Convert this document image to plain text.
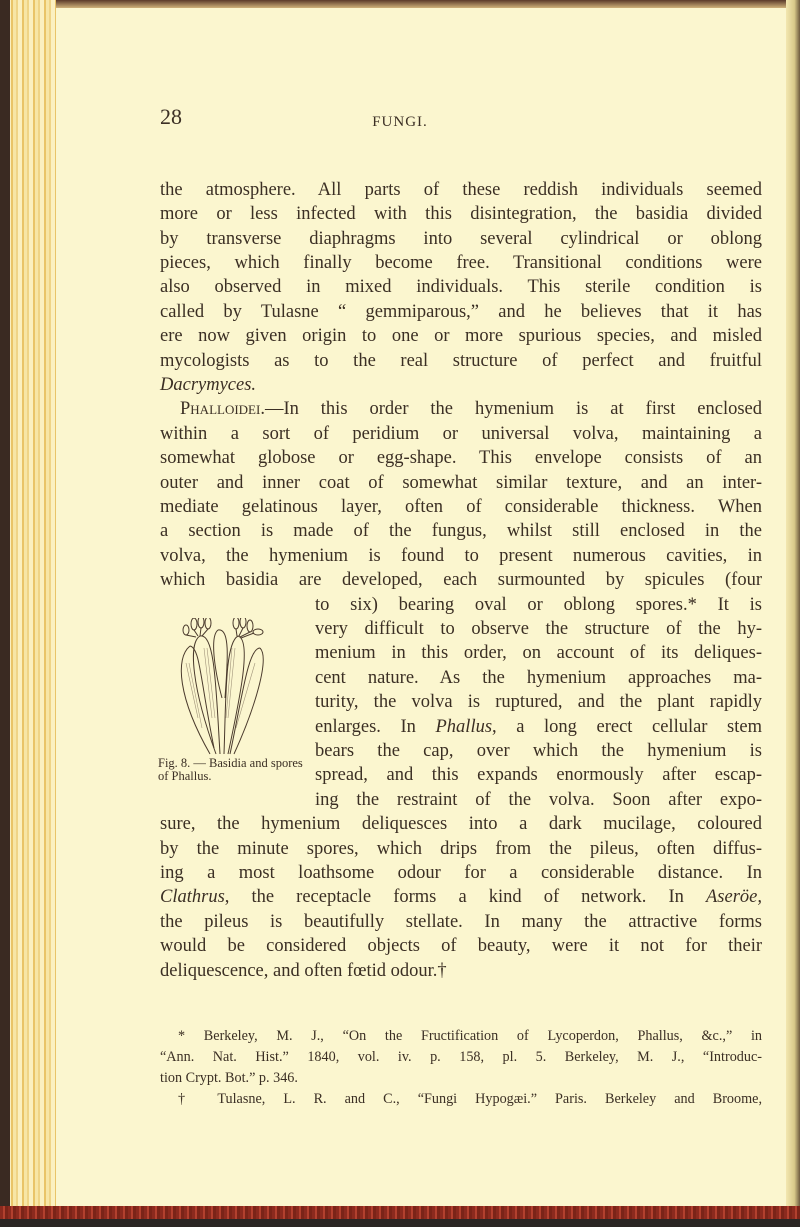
28	FUNGI.
the atmosphere. All parts of these reddish individuals seemed
more or less infected with this disintegration, the basidia divided
by transverse diaphragms into several cylindrical or oblong
pieces, which finally become free. Transitional conditions were
also observed in mixed individuals. This sterile condition is
called by Tulasne “ gemmiparous,” and he believes that it has
ere now given origin to one or more spurious species, and misled
mycologists as to the real structure of perfect and fruitful
Dacrymyces.
Phalloidei.—In this order the hymenium is at first enclosed
within a sort of peridium or universal volva, maintaining a
somewhat globose or egg-shape. This envelope consists of an
outer and inner coat of somewhat similar texture, and an inter-
mediate gelatinous layer, often of considerable thickness. When
a section is made of the fungus, whilst still enclosed in the
volva, the hymenium is found to present numerous cavities, in
which basidia are developed, each surmounted by spicules (four
to six) bearing oval or oblong spores.* It is
very difficult to observe the structure of the hy-
menium in this order, on account of its deliques-
cent nature. As the hymenium approaches ma-
turity, the volva is ruptured, and the plant rapidly
enlarges. In Phallus, a long erect cellular stem
bears the cap, over which the hymenium is
spread, and this expands enormously after escap-
ing the restraint of the volva. Soon after expo-
sure, the hymenium deliquesces into a dark mucilage, coloured
by the minute spores, which drips from the pileus, often diffus-
ing a most loathsome odour for a considerable distance. In
Clathrus, the receptacle forms a kind of network. In Aseröe,
the pileus is beautifully stellate. In many the attractive forms
would be considered objects of beauty, were it not for their
deliquescence, and often fœtid odour.†
Fig. 8. — Basidia and spores of Phallus.
* Berkeley, M. J., “On the Fructification of Lycoperdon, Phallus, &c.,” in
“Ann. Nat. Hist.” 1840, vol. iv. p. 158, pl. 5. Berkeley, M. J., “Introduc-
tion Crypt. Bot.” p. 346.
† Tulasne, L. R. and C., “Fungi Hypogæi.” Paris. Berkeley and Broome,
